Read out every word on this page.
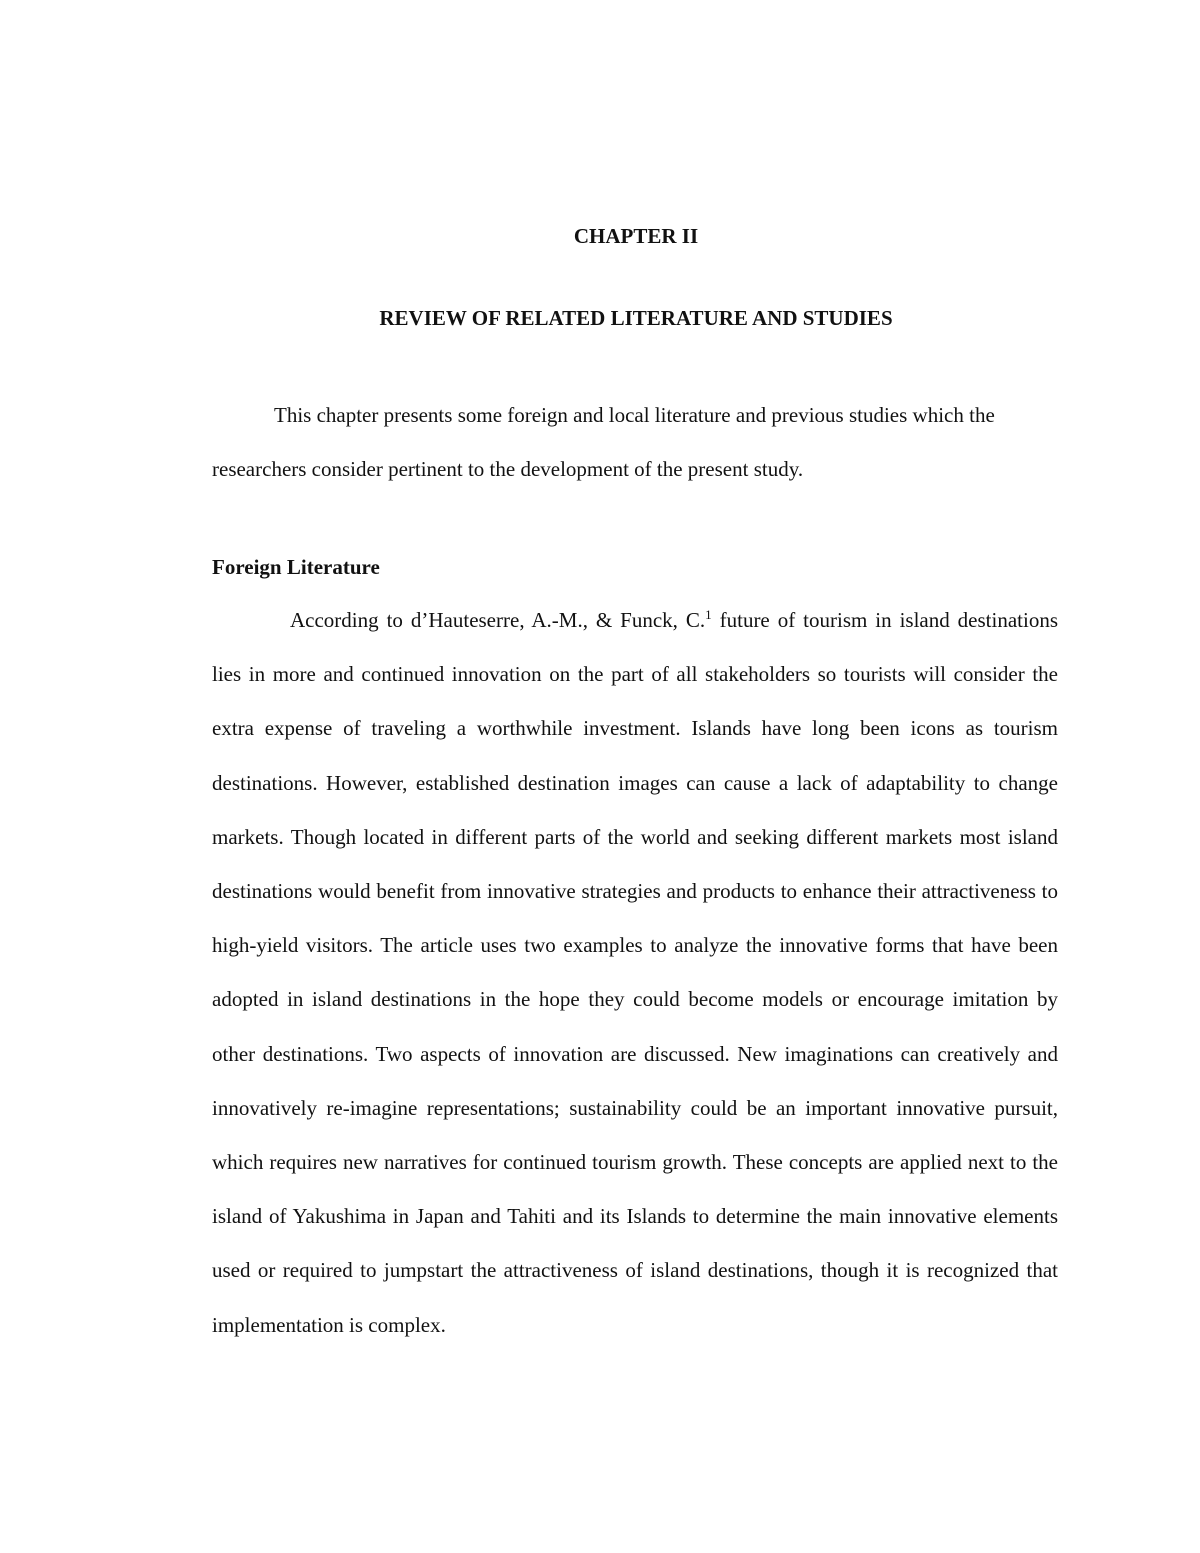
CHAPTER II
REVIEW OF RELATED LITERATURE AND STUDIES

This chapter presents some foreign and local literature and previous studies which the researchers consider pertinent to the development of the present study.

Foreign Literature

According to d’Hauteserre, A.-M., & Funck, C.$^1$ future of tourism in island destinations lies in more and continued innovation on the part of all stakeholders so tourists will consider the extra expense of traveling a worthwhile investment. Islands have long been icons as tourism destinations. However, established destination images can cause a lack of adaptability to change markets. Though located in different parts of the world and seeking different markets most island destinations would benefit from innovative strategies and products to enhance their attractiveness to high-yield visitors. The article uses two examples to analyze the innovative forms that have been adopted in island destinations in the hope they could become models or encourage imitation by other destinations. Two aspects of innovation are discussed. New imaginations can creatively and innovatively re-imagine representations; sustainability could be an important innovative pursuit, which requires new narratives for continued tourism growth. These concepts are applied next to the island of Yakushima in Japan and Tahiti and its Islands to determine the main innovative elements used or required to jumpstart the attractiveness of island destinations, though it is recognized that implementation is complex.
